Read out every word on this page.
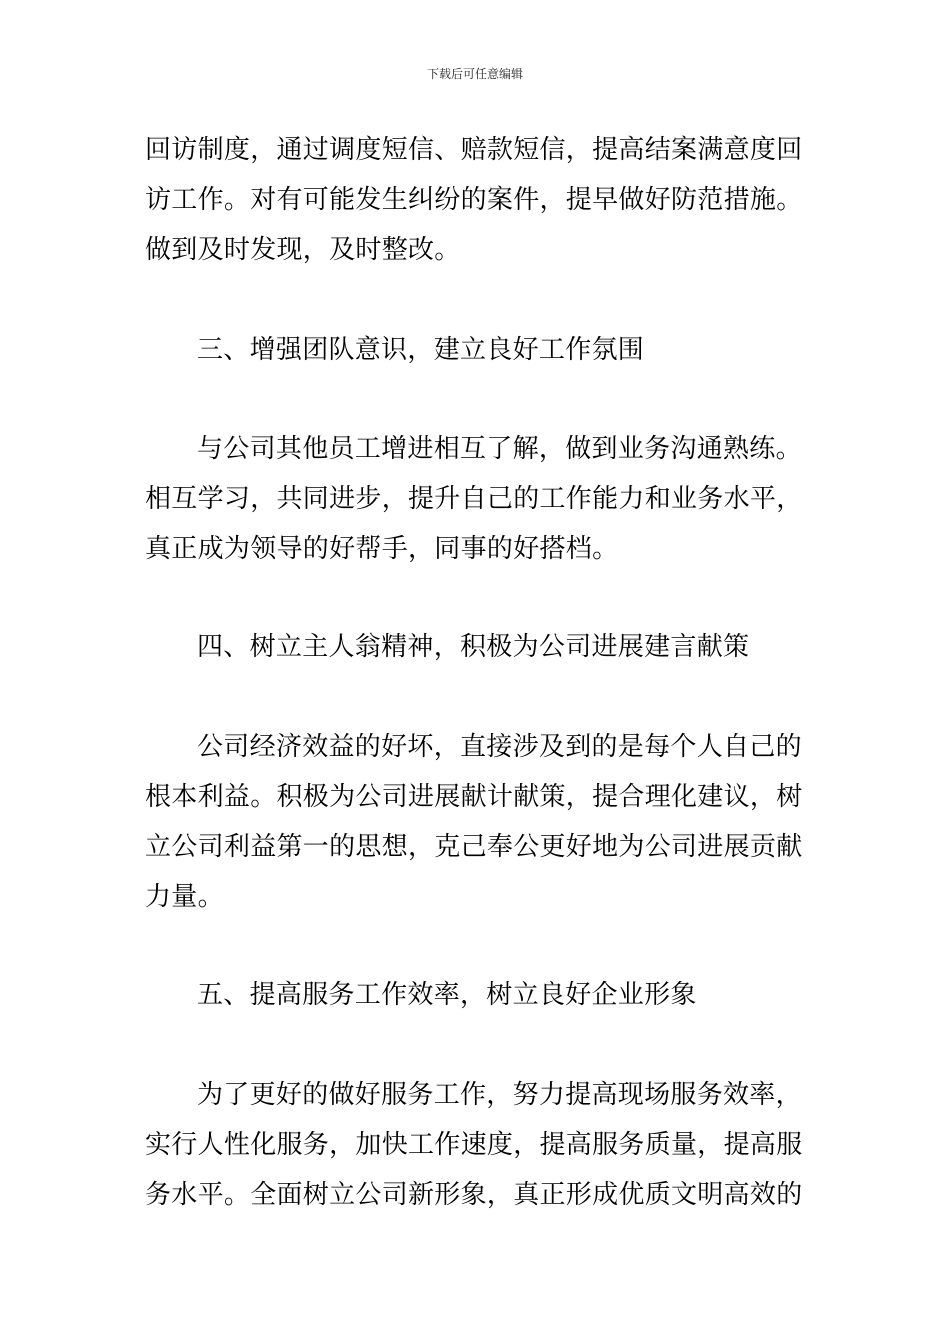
下载后可任意编辑
回访制度，通过调度短信、赔款短信，提高结案满意度回
访工作。对有可能发生纠纷的案件，提早做好防范措施。
做到及时发现，及时整改。
三、增强团队意识，建立良好工作氛围
与公司其他员工增进相互了解，做到业务沟通熟练。
相互学习，共同进步，提升自己的工作能力和业务水平，
真正成为领导的好帮手，同事的好搭档。
四、树立主人翁精神，积极为公司进展建言献策
公司经济效益的好坏，直接涉及到的是每个人自己的
根本利益。积极为公司进展献计献策，提合理化建议，树
立公司利益第一的思想，克己奉公更好地为公司进展贡献
力量。
五、提高服务工作效率，树立良好企业形象
为了更好的做好服务工作，努力提高现场服务效率，
实行人性化服务，加快工作速度，提高服务质量，提高服
务水平。全面树立公司新形象，真正形成优质文明高效的
